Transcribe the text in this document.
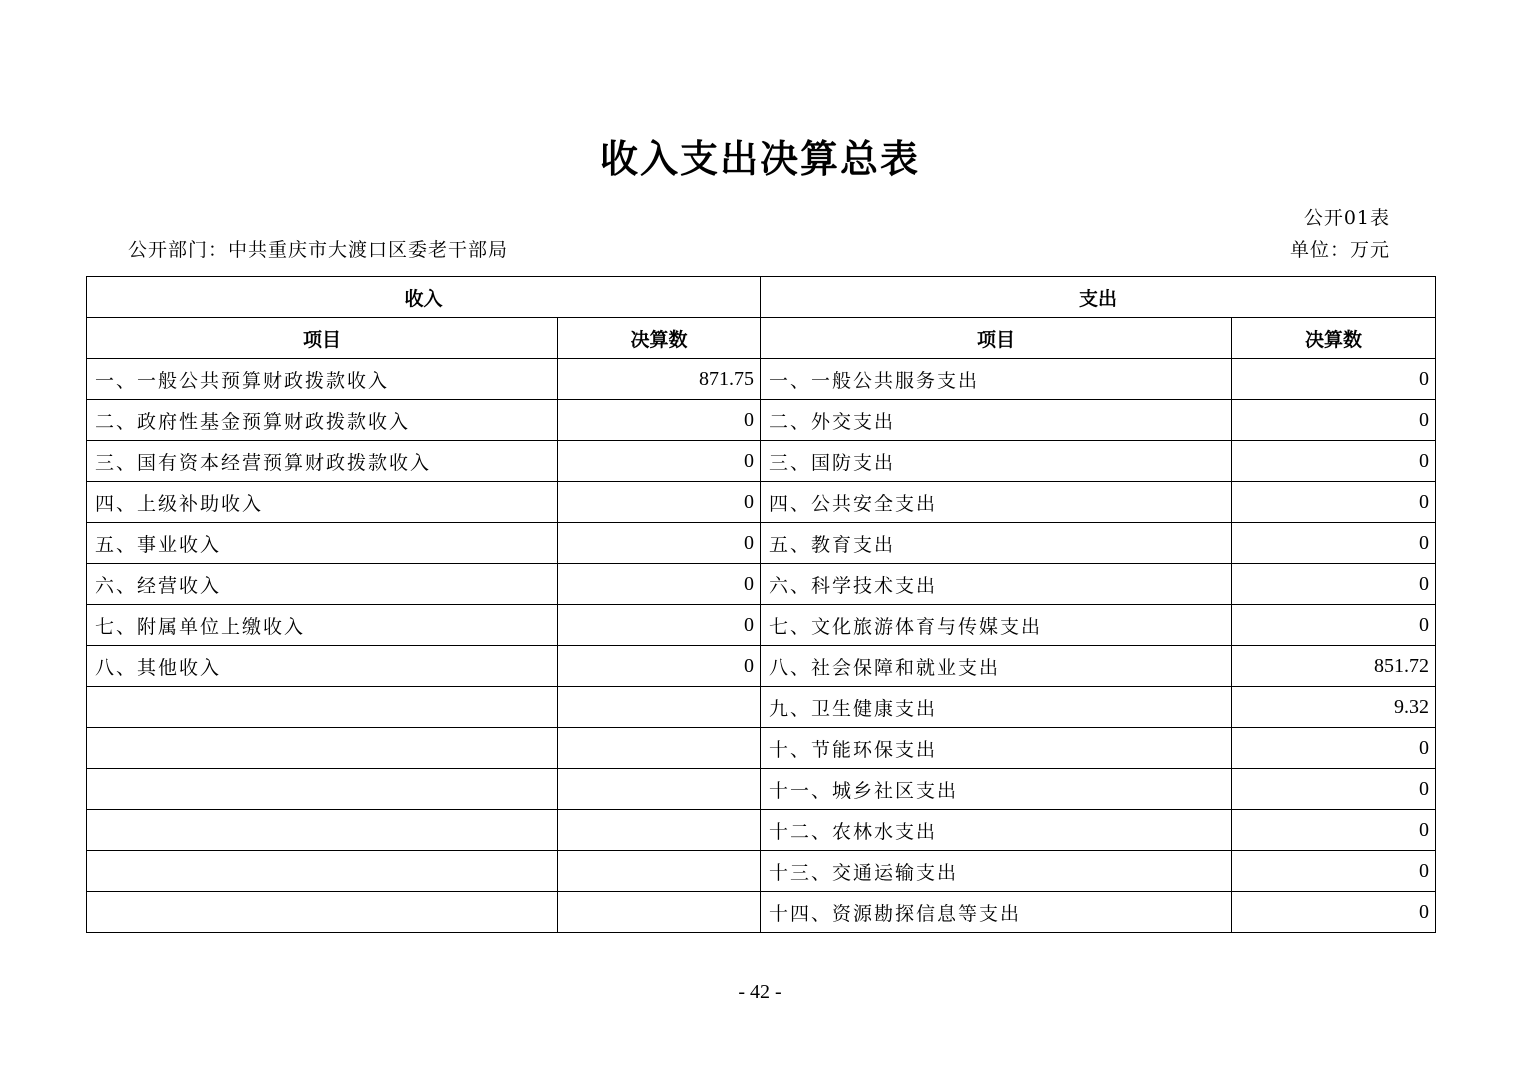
收入支出决算总表
公开01表
公开部门：中共重庆市大渡口区委老干部局	单位：万元
收入		支出	
项目	决算数	项目	决算数
一、一般公共预算财政拨款收入	871.75	一、一般公共服务支出	0
二、政府性基金预算财政拨款收入	0	二、外交支出	0
三、国有资本经营预算财政拨款收入	0	三、国防支出	0
四、上级补助收入	0	四、公共安全支出	0
五、事业收入	0	五、教育支出	0
六、经营收入	0	六、科学技术支出	0
七、附属单位上缴收入	0	七、文化旅游体育与传媒支出	0
八、其他收入	0	八、社会保障和就业支出	851.72
		九、卫生健康支出	9.32
		十、节能环保支出	0
		十一、城乡社区支出	0
		十二、农林水支出	0
		十三、交通运输支出	0
		十四、资源勘探信息等支出	0
- 42 -
